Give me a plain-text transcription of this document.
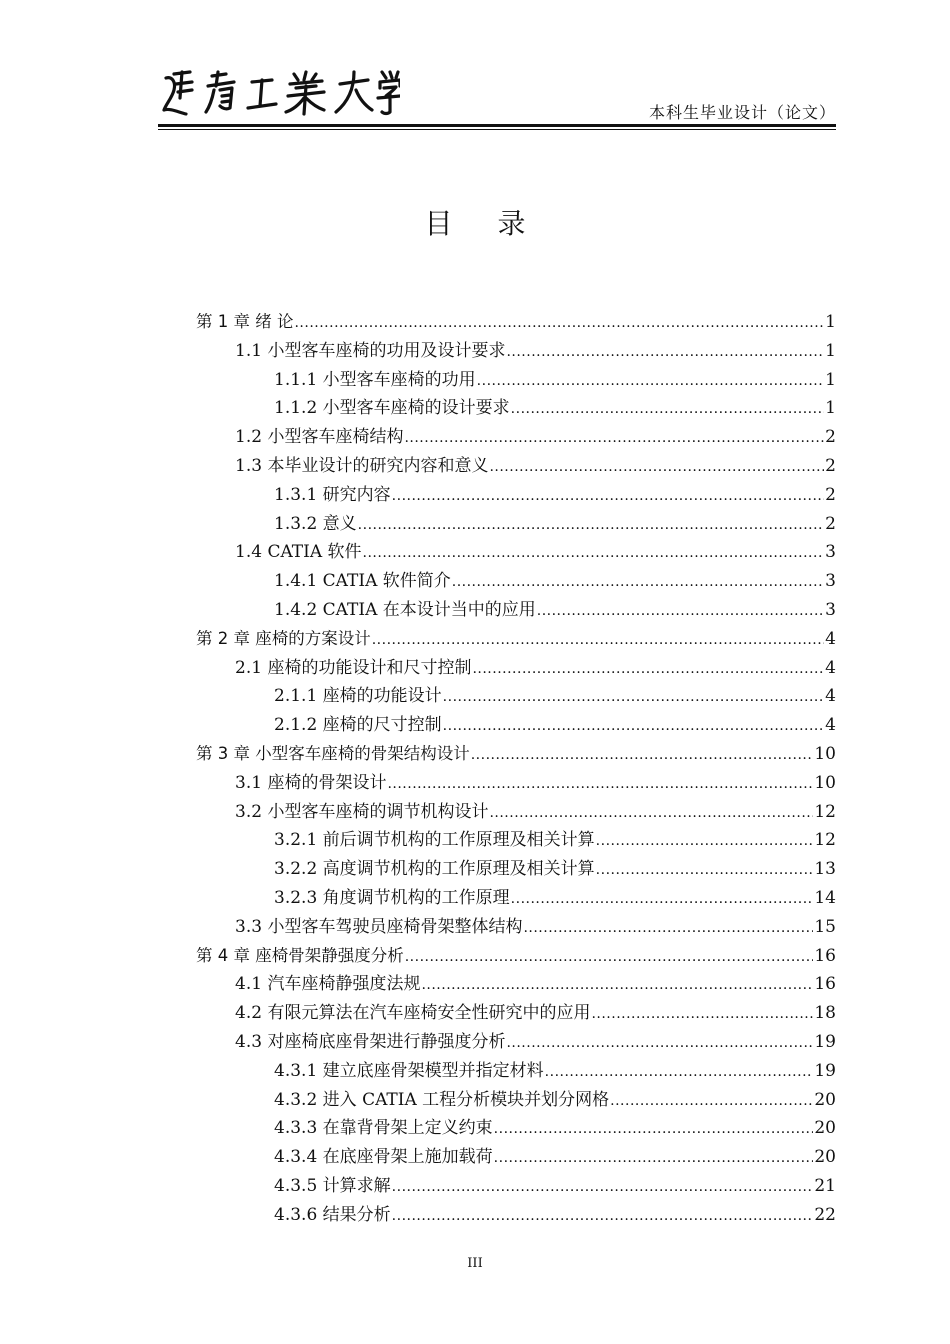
本科生毕业设计（论文）
目 录
第 1 章 绪 论 .....	1
1.1 小型客车座椅的功用及设计要求 .....	1
1.1.1 小型客车座椅的功用 .....	1
1.1.2 小型客车座椅的设计要求 .....	1
1.2 小型客车座椅结构 .....	2
1.3 本毕业设计的研究内容和意义 .....	2
1.3.1 研究内容 .....	2
1.3.2 意义 .....	2
1.4 CATIA 软件 .....	3
1.4.1 CATIA 软件简介 .....	3
1.4.2 CATIA 在本设计当中的应用 .....	3
第 2 章 座椅的方案设计 .....	4
2.1 座椅的功能设计和尺寸控制 .....	4
2.1.1 座椅的功能设计 .....	4
2.1.2 座椅的尺寸控制 .....	4
第 3 章 小型客车座椅的骨架结构设计 .....	10
3.1 座椅的骨架设计 .....	10
3.2 小型客车座椅的调节机构设计 .....	12
3.2.1 前后调节机构的工作原理及相关计算 .....	12
3.2.2 高度调节机构的工作原理及相关计算 .....	13
3.2.3 角度调节机构的工作原理 .....	14
3.3 小型客车驾驶员座椅骨架整体结构 .....	15
第 4 章 座椅骨架静强度分析 .....	16
4.1 汽车座椅静强度法规 .....	16
4.2 有限元算法在汽车座椅安全性研究中的应用 .....	18
4.3 对座椅底座骨架进行静强度分析 .....	19
4.3.1 建立底座骨架模型并指定材料 .....	19
4.3.2 进入 CATIA 工程分析模块并划分网格 .....	20
4.3.3 在靠背骨架上定义约束 .....	20
4.3.4 在底座骨架上施加载荷 .....	20
4.3.5 计算求解 .....	21
4.3.6 结果分析 .....	22
III
